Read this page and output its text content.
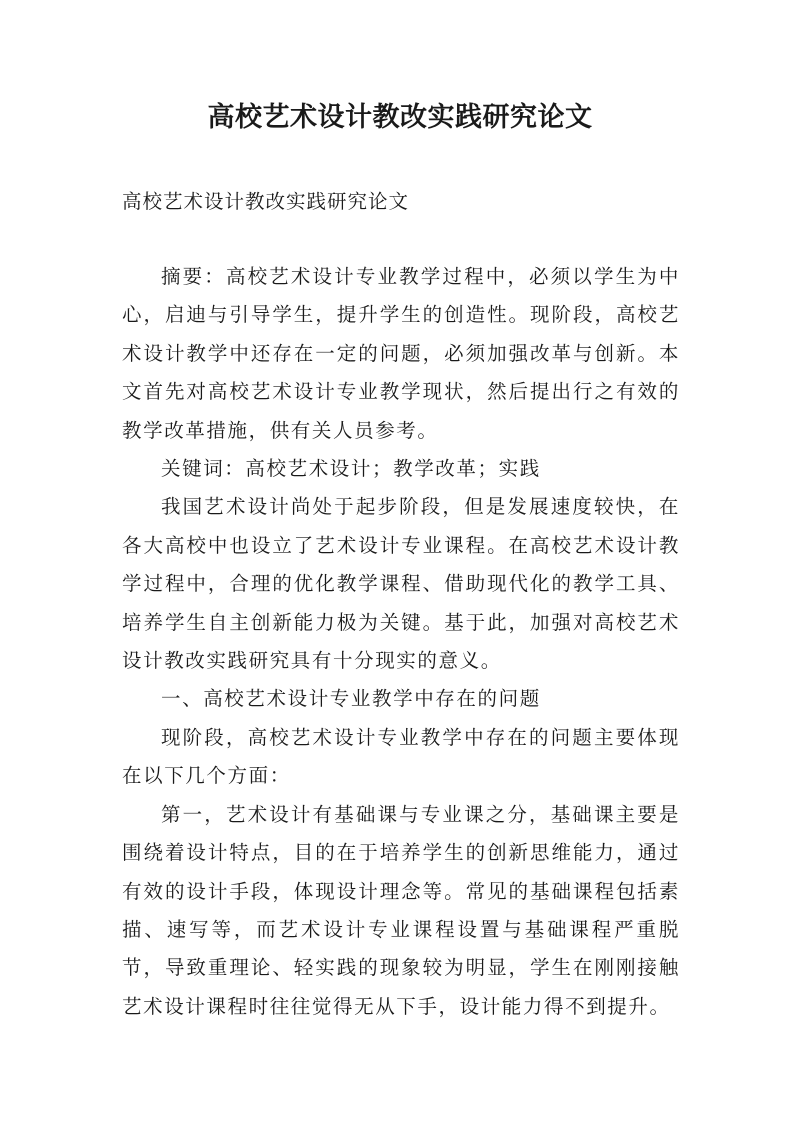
高校艺术设计教改实践研究论文

高校艺术设计教改实践研究论文

摘要：高校艺术设计专业教学过程中，必须以学生为中心，启迪与引导学生，提升学生的创造性。现阶段，高校艺术设计教学中还存在一定的问题，必须加强改革与创新。本文首先对高校艺术设计专业教学现状，然后提出行之有效的教学改革措施，供有关人员参考。

关键词：高校艺术设计；教学改革；实践

我国艺术设计尚处于起步阶段，但是发展速度较快，在各大高校中也设立了艺术设计专业课程。在高校艺术设计教学过程中，合理的优化教学课程、借助现代化的教学工具、培养学生自主创新能力极为关键。基于此，加强对高校艺术设计教改实践研究具有十分现实的意义。

一、高校艺术设计专业教学中存在的问题

现阶段，高校艺术设计专业教学中存在的问题主要体现在以下几个方面：

第一，艺术设计有基础课与专业课之分，基础课主要是围绕着设计特点，目的在于培养学生的创新思维能力，通过有效的设计手段，体现设计理念等。常见的基础课程包括素描、速写等，而艺术设计专业课程设置与基础课程严重脱节，导致重理论、轻实践的现象较为明显，学生在刚刚接触艺术设计课程时往往觉得无从下手，设计能力得不到提升。
